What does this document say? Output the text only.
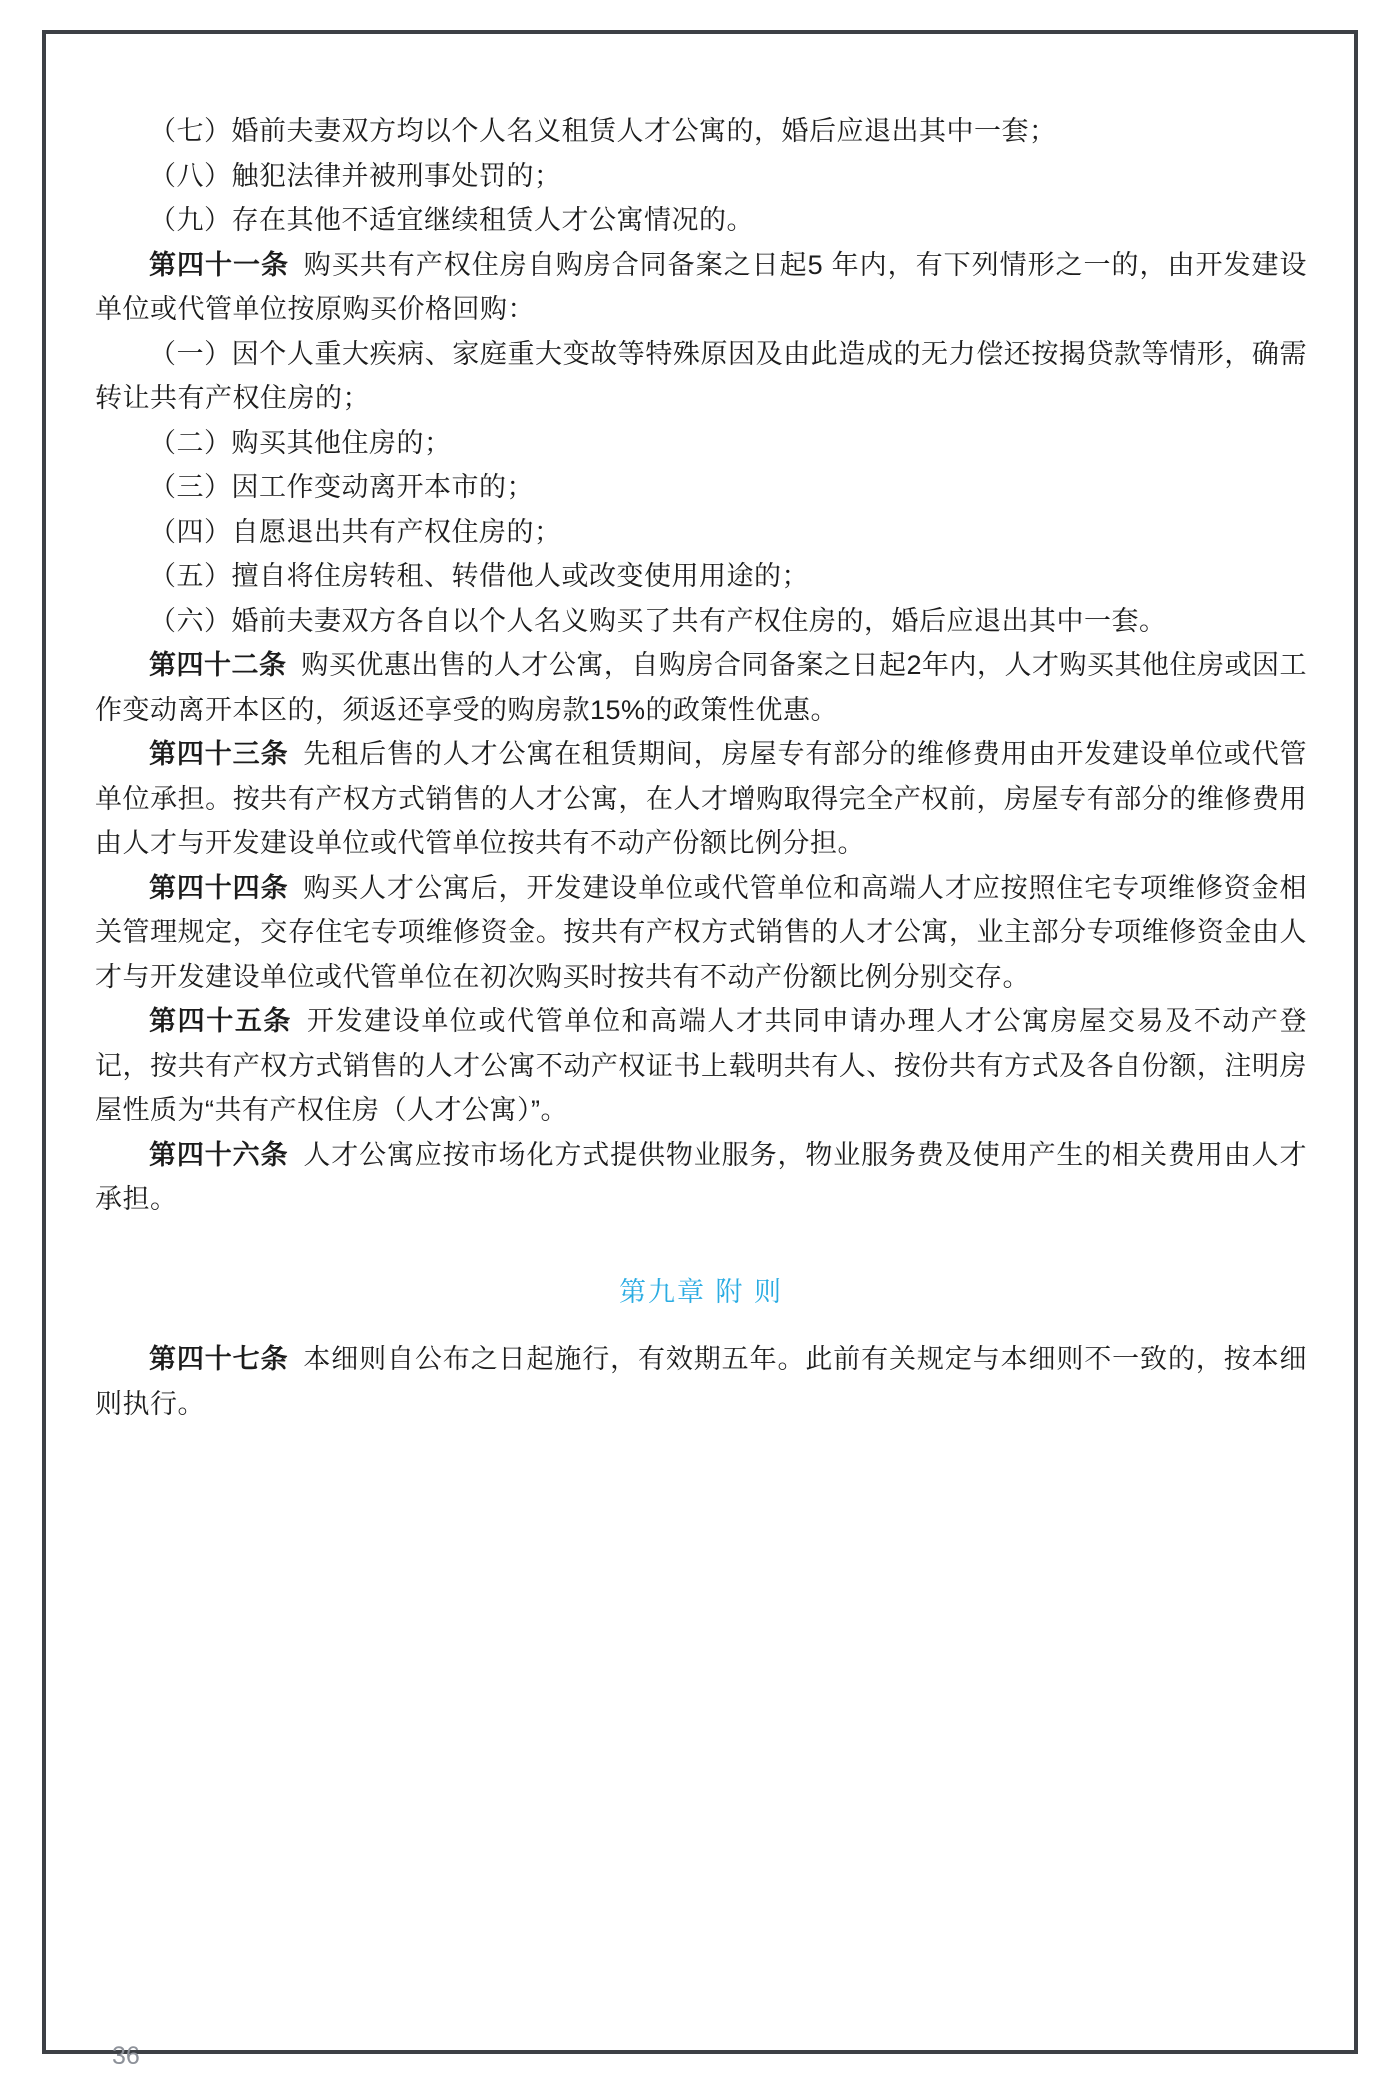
（七）婚前夫妻双方均以个人名义租赁人才公寓的，婚后应退出其中一套；

（八）触犯法律并被刑事处罚的；

（九）存在其他不适宜继续租赁人才公寓情况的。

第四十一条 购买共有产权住房自购房合同备案之日起5 年内，有下列情形之一的，由开发建设单位或代管单位按原购买价格回购：

（一）因个人重大疾病、家庭重大变故等特殊原因及由此造成的无力偿还按揭贷款等情形，确需转让共有产权住房的；

（二）购买其他住房的；

（三）因工作变动离开本市的；

（四）自愿退出共有产权住房的；

（五）擅自将住房转租、转借他人或改变使用用途的；

（六）婚前夫妻双方各自以个人名义购买了共有产权住房的，婚后应退出其中一套。

第四十二条 购买优惠出售的人才公寓，自购房合同备案之日起2年内，人才购买其他住房或因工作变动离开本区的，须返还享受的购房款15%的政策性优惠。

第四十三条 先租后售的人才公寓在租赁期间，房屋专有部分的维修费用由开发建设单位或代管单位承担。按共有产权方式销售的人才公寓，在人才增购取得完全产权前，房屋专有部分的维修费用由人才与开发建设单位或代管单位按共有不动产份额比例分担。

第四十四条 购买人才公寓后，开发建设单位或代管单位和高端人才应按照住宅专项维修资金相关管理规定，交存住宅专项维修资金。按共有产权方式销售的人才公寓，业主部分专项维修资金由人才与开发建设单位或代管单位在初次购买时按共有不动产份额比例分别交存。

第四十五条 开发建设单位或代管单位和高端人才共同申请办理人才公寓房屋交易及不动产登记，按共有产权方式销售的人才公寓不动产权证书上载明共有人、按份共有方式及各自份额，注明房屋性质为“共有产权住房（人才公寓）”。

第四十六条 人才公寓应按市场化方式提供物业服务，物业服务费及使用产生的相关费用由人才承担。

第九章 附 则

第四十七条 本细则自公布之日起施行，有效期五年。此前有关规定与本细则不一致的，按本细则执行。

36
